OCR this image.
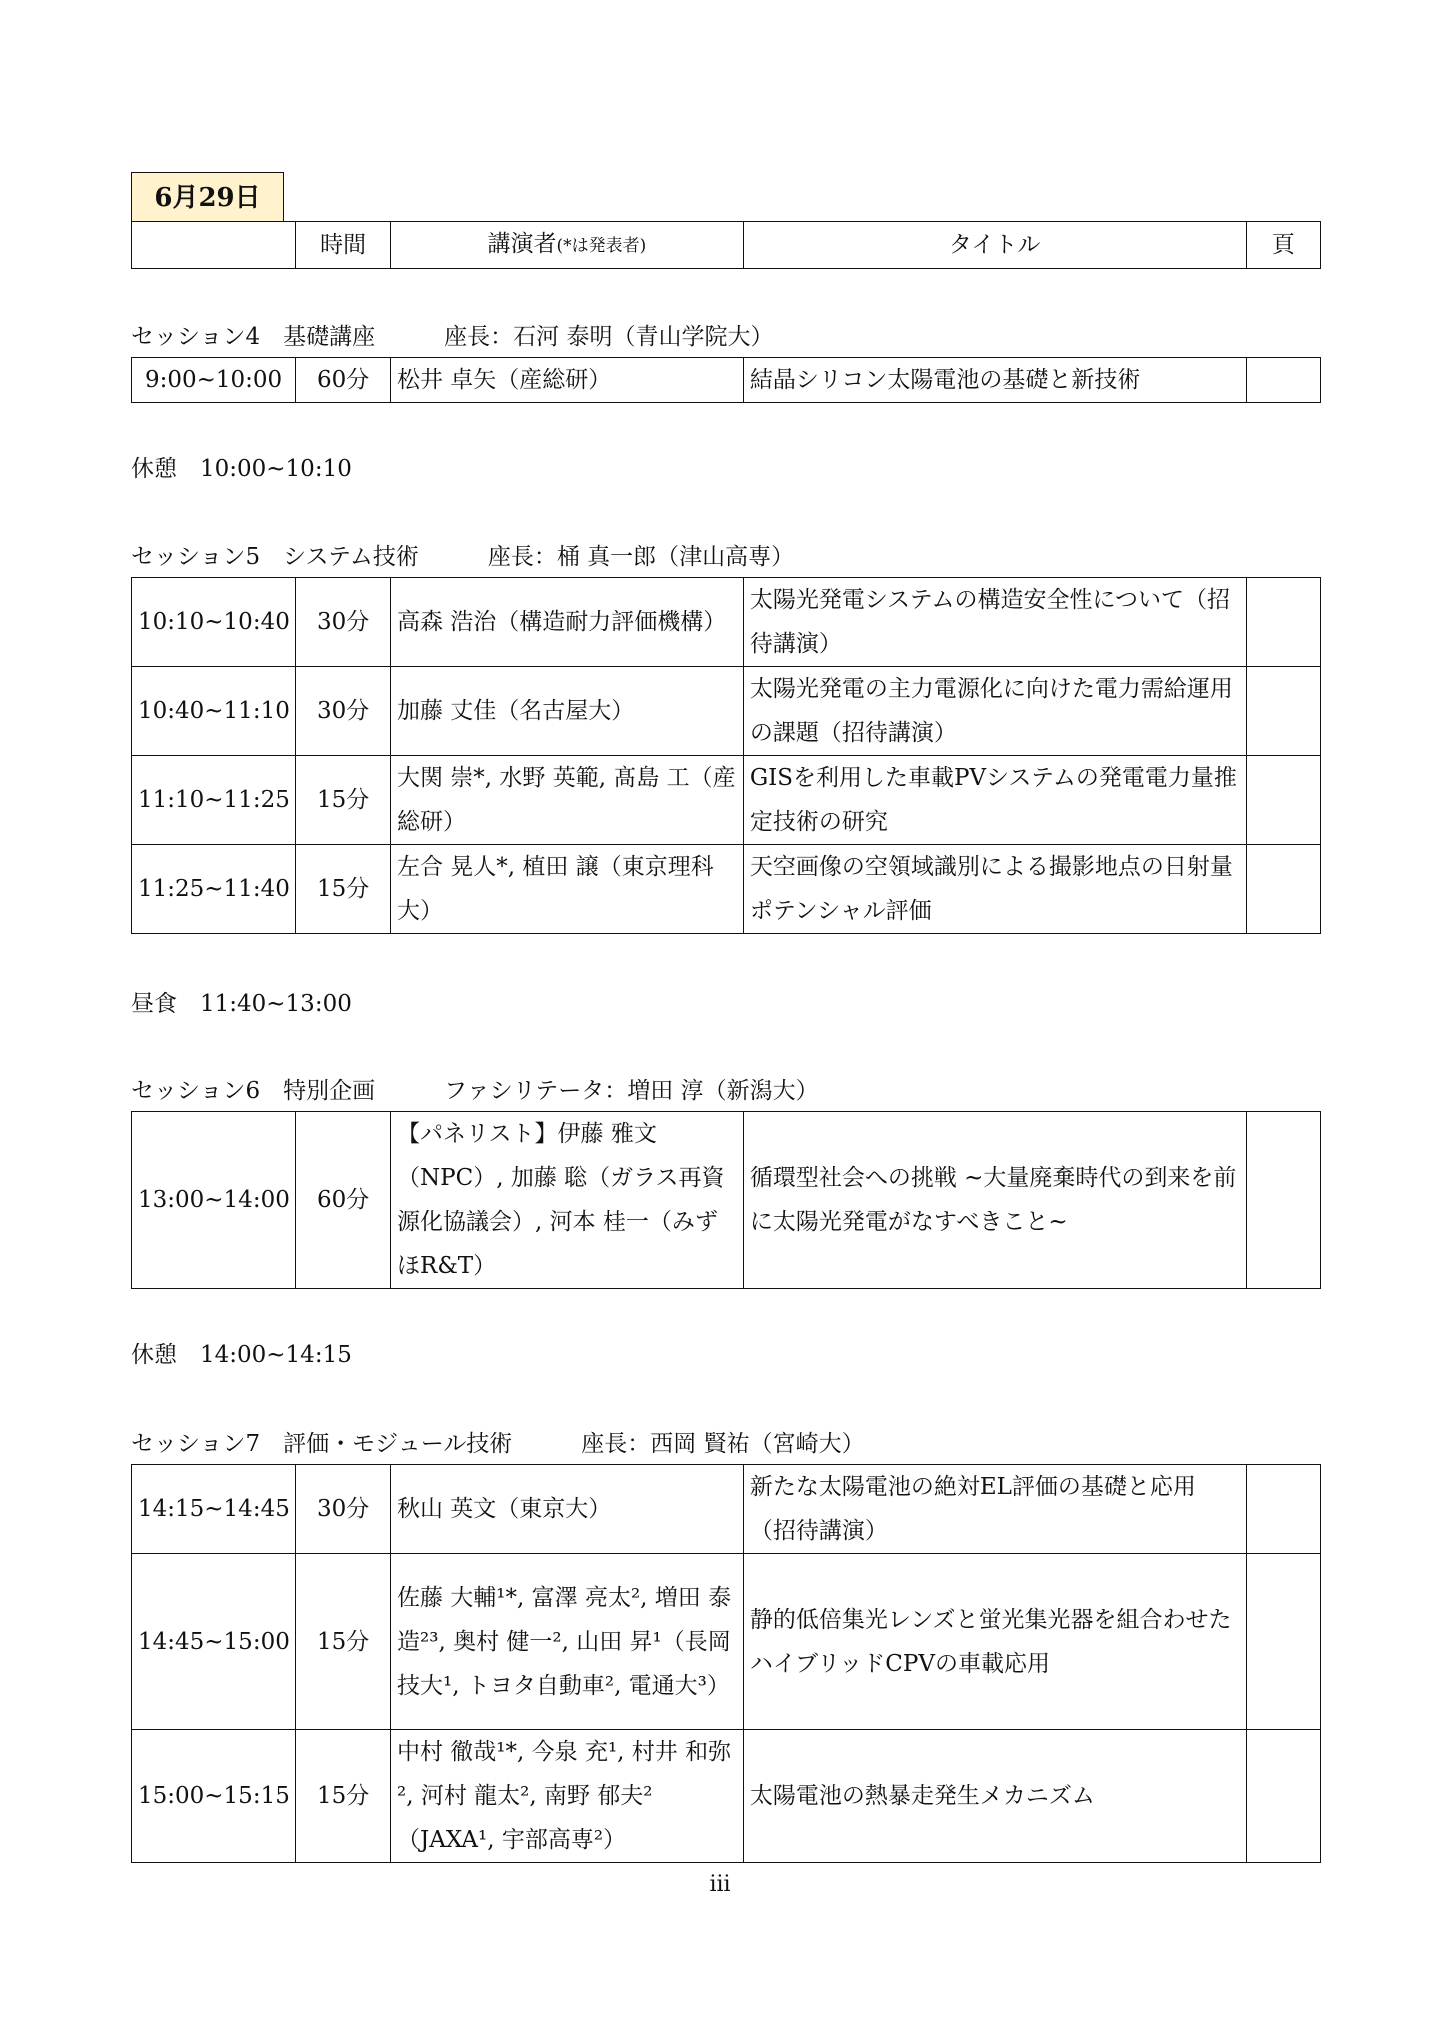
6月29日
	時間	講演者(*は発表者)	タイトル	頁
セッション4　基礎講座　　　座長：石河 泰明（青山学院大）
9:00~10:00	60分	松井 卓矢（産総研）	結晶シリコン太陽電池の基礎と新技術	
休憩　10:00~10:10
セッション5　システム技術　　　座長：桶 真一郎（津山高専）
10:10~10:40	30分	高森 浩治（構造耐力評価機構）	太陽光発電システムの構造安全性について（招待講演）	
10:40~11:10	30分	加藤 丈佳（名古屋大）	太陽光発電の主力電源化に向けた電力需給運用の課題（招待講演）	
11:10~11:25	15分	大関 崇*, 水野 英範, 髙島 工（産総研）	GISを利用した車載PVシステムの発電電力量推定技術の研究	
11:25~11:40	15分	左合 晃人*, 植田 譲（東京理科大）	天空画像の空領域識別による撮影地点の日射量ポテンシャル評価	
昼食　11:40~13:00
セッション6　特別企画　　　ファシリテータ：増田 淳（新潟大）
13:00~14:00	60分	【パネリスト】伊藤 雅文（NPC）, 加藤 聡（ガラス再資源化協議会）, 河本 桂一（みずほR&T）	循環型社会への挑戦 ~大量廃棄時代の到来を前に太陽光発電がなすべきこと~	
休憩　14:00~14:15
セッション7　評価・モジュール技術　　　座長：西岡 賢祐（宮崎大）
14:15~14:45	30分	秋山 英文（東京大）	新たな太陽電池の絶対EL評価の基礎と応用（招待講演）	
14:45~15:00	15分	佐藤 大輔¹*, 富澤 亮太², 増田 泰造²³, 奥村 健一², 山田 昇¹（長岡技大¹, トヨタ自動車², 電通大³）	静的低倍集光レンズと蛍光集光器を組合わせたハイブリッドCPVの車載応用	
15:00~15:15	15分	中村 徹哉¹*, 今泉 充¹, 村井 和弥², 河村 龍太², 南野 郁夫²（JAXA¹, 宇部高専²）	太陽電池の熱暴走発生メカニズム	
iii
